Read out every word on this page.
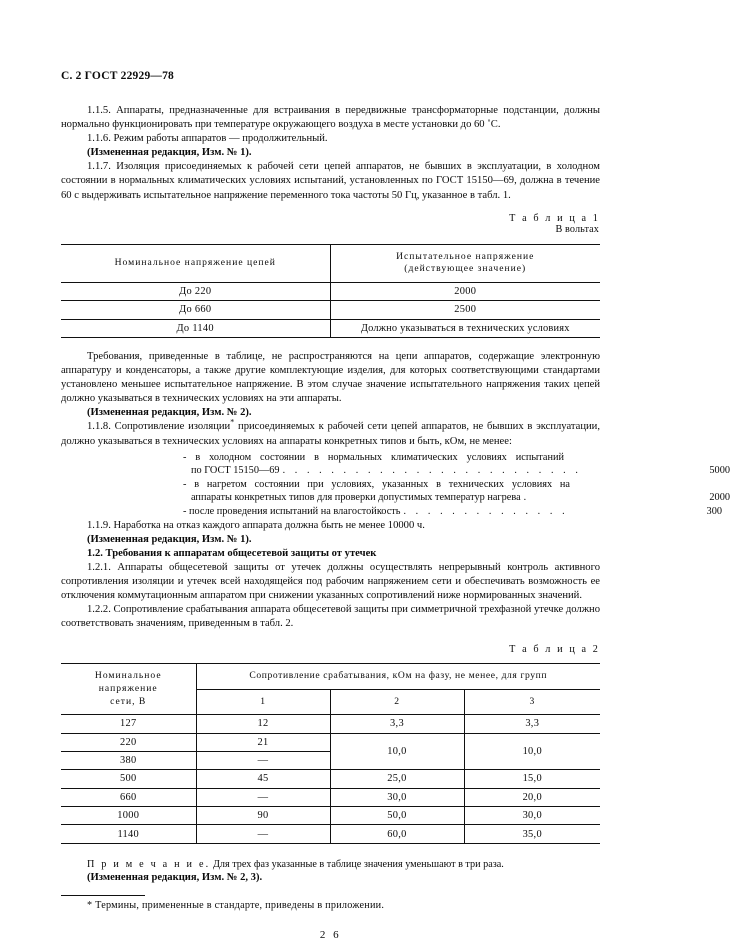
С. 2 ГОСТ 22929—78

1.1.5. Аппараты, предназначенные для встраивания в передвижные трансформаторные подстанции, должны нормально функционировать при температуре окружающего воздуха в месте установки до 60 ˚С.

1.1.6. Режим работы аппаратов — продолжительный.

(Измененная редакция, Изм. № 1).

1.1.7. Изоляция присоединяемых к рабочей сети цепей аппаратов, не бывших в эксплуатации, в холодном состоянии в нормальных климатических условиях испытаний, установленных по ГОСТ 15150—69, должна в течение 60 с выдерживать испытательное напряжение переменного тока частоты 50 Гц, указанное в табл. 1.

Т а б л и ц а 1

В вольтах

Номинальное напряжение цепей	Испытательное напряжение
(действующее значение)
До 220	2000
До 660	2500
До 1140	Должно указываться в технических условиях

Требования, приведенные в таблице, не распространяются на цепи аппаратов, содержащие электронную аппаратуру и конденсаторы, а также другие комплектующие изделия, для которых соответствующими стандартами установлено меньшее испытательное напряжение. В этом случае значение испытательного напряжения таких цепей должно указываться в технических условиях на эти аппараты.

(Измененная редакция, Изм. № 2).

1.1.8. Сопротивление изоляции* присоединяемых к рабочей сети цепей аппаратов, не бывших в эксплуатации, должно указываться в технических условиях на аппараты конкретных типов и быть, кОм, не менее:

- в холодном состоянии в нормальных климатических условиях испытаний
по ГОСТ 15150—69 . . . . . . . . . . . . . . . . . . . . . . . . .	5000
- в нагретом состоянии при условиях, указанных в технических условиях на
аппараты конкретных типов для проверки допустимых температур нагрева .	2000
- после проведения испытаний на влагостойкость . . . . . . . . . . . . . .	300

1.1.9. Наработка на отказ каждого аппарата должна быть не менее 10000 ч.

(Измененная редакция, Изм. № 1).

1.2. Требования к аппаратам общесетевой защиты от утечек

1.2.1. Аппараты общесетевой защиты от утечек должны осуществлять непрерывный контроль активного сопротивления изоляции и утечек всей находящейся под рабочим напряжением сети и обеспечивать возможность ее отключения коммутационным аппаратом при снижении указанных сопротивлений ниже нормированных значений.

1.2.2. Сопротивление срабатывания аппарата общесетевой защиты при симметричной трехфазной утечке должно соответствовать значениям, приведенным в табл. 2.

Т а б л и ц а 2

Номинальное напряжение
сети, В	Сопротивление срабатывания, кОм на фазу, не менее, для групп		
	1	2	3
127	12	3,3	3,3
220	21	10,0	10,0
380	—		
500	45	25,0	15,0
660	—	30,0	20,0
1000	90	50,0	30,0
1140	—	60,0	35,0

П р и м е ч а н и е. Для трех фаз указанные в таблице значения уменьшают в три раза.

(Измененная редакция, Изм. № 2, 3).

* Термины, примененные в стандарте, приведены в приложении.

2 6
